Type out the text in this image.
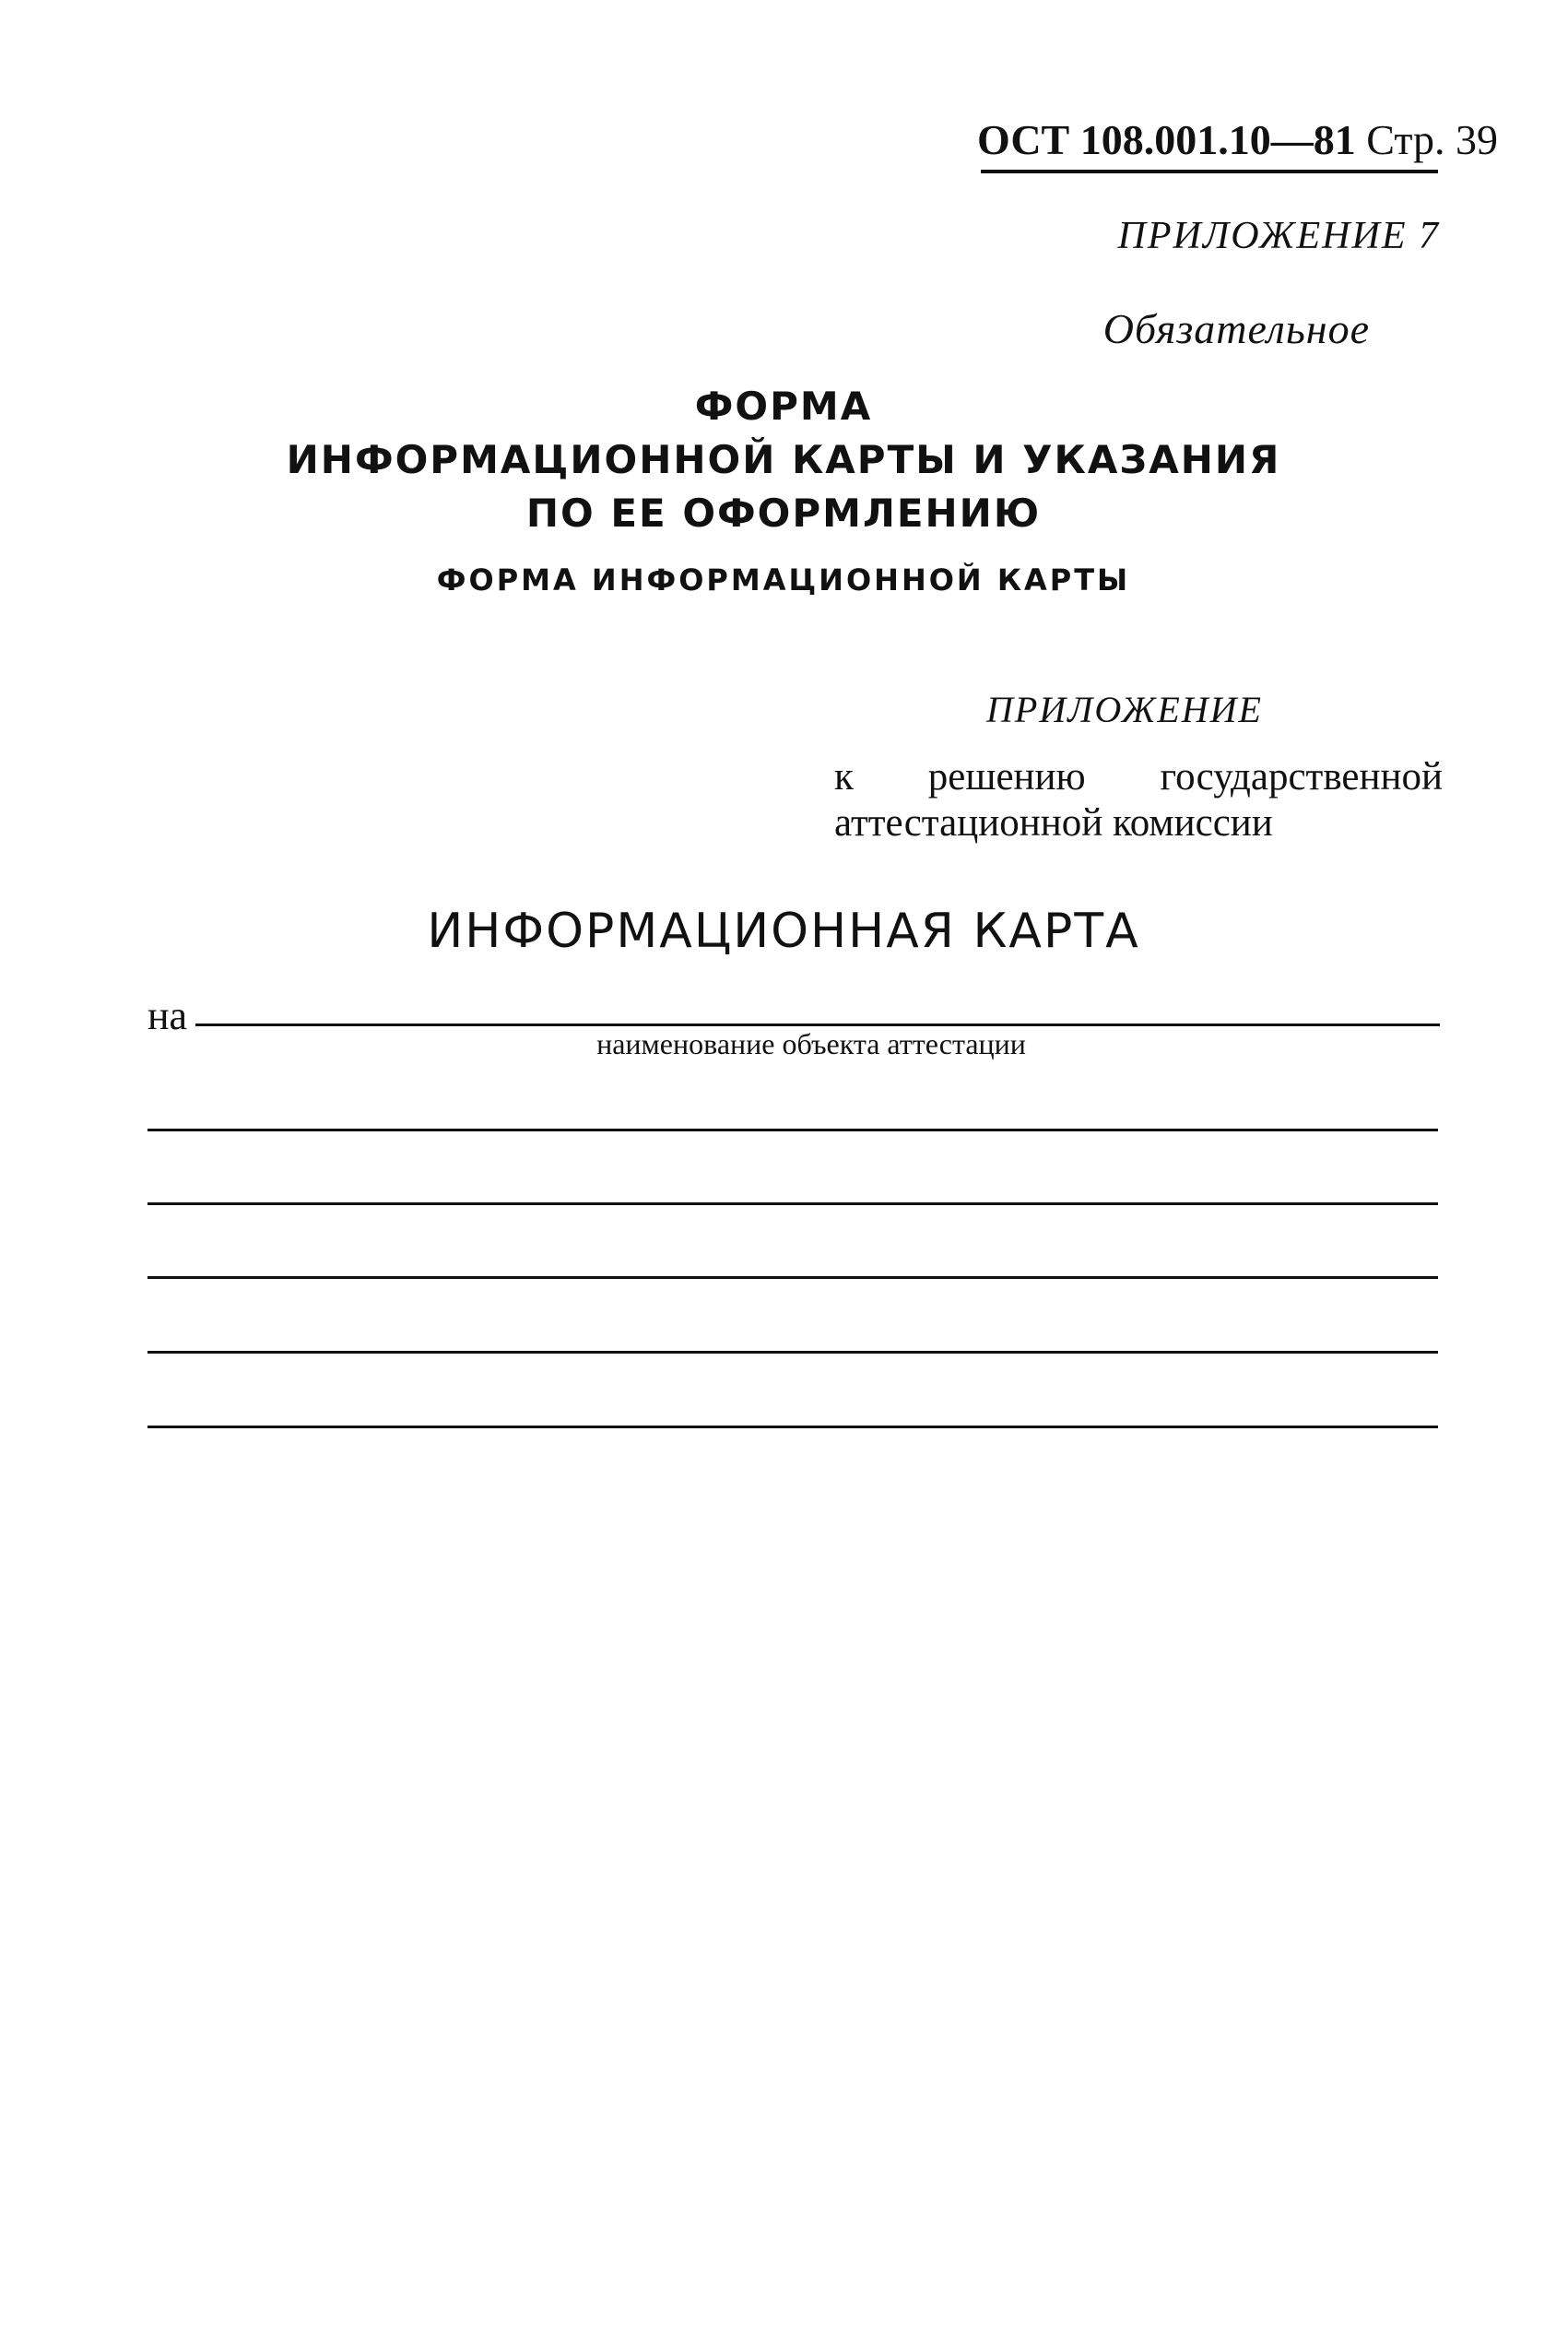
ОСТ 108.001.10—81 Стр. 39
ПРИЛОЖЕНИЕ 7
Обязательное
ФОРМА
ИНФОРМАЦИОННОЙ КАРТЫ И УКАЗАНИЯ
ПО ЕЕ ОФОРМЛЕНИЮ
ФОРМА ИНФОРМАЦИОННОЙ КАРТЫ
ПРИЛОЖЕНИЕ
к решению государственной
аттестационной комиссии
ИНФОРМАЦИОННАЯ КАРТА
на
наименование объекта аттестации
